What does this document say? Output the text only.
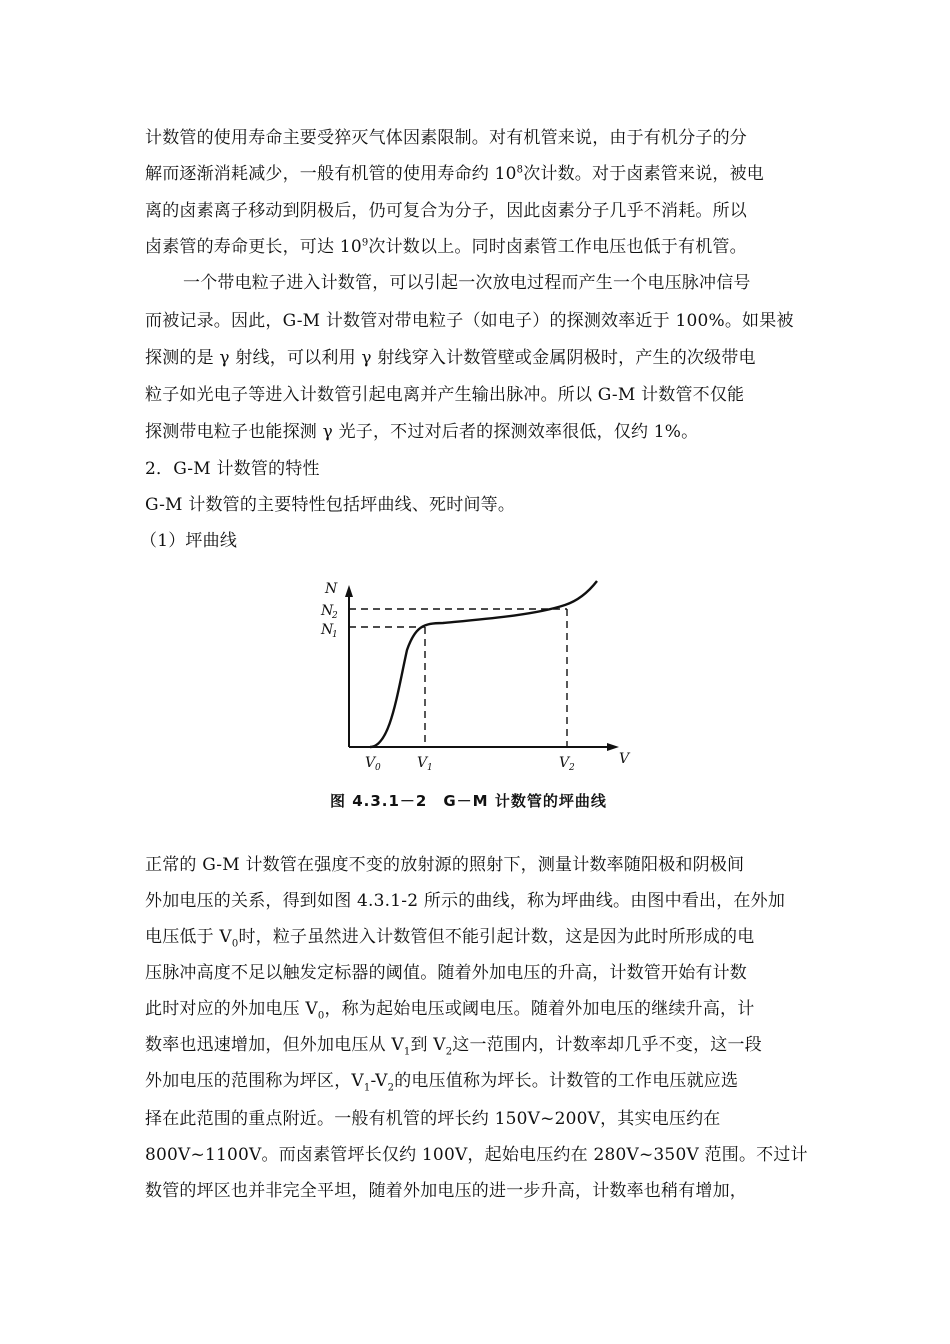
计数管的使用寿命主要受猝灭气体因素限制。对有机管来说，由于有机分子的分
解而逐渐消耗减少，一般有机管的使用寿命约 $10^8$次计数。对于卤素管来说，被电
离的卤素离子移动到阴极后，仍可复合为分子，因此卤素分子几乎不消耗。所以
卤素管的寿命更长，可达 $10^9$次计数以上。同时卤素管工作电压也低于有机管。
一个带电粒子进入计数管，可以引起一次放电过程而产生一个电压脉冲信号
而被记录。因此，G-M 计数管对带电粒子（如电子）的探测效率近于 100%。如果被
探测的是 γ 射线，可以利用 γ 射线穿入计数管壁或金属阴极时，产生的次级带电
粒子如光电子等进入计数管引起电离并产生输出脉冲。所以 G-M 计数管不仅能
探测带电粒子也能探测 γ 光子，不过对后者的探测效率很低，仅约 1%。
2．G-M 计数管的特性
G-M 计数管的主要特性包括坪曲线、死时间等。
（1）坪曲线
N
N
2
N
1
V 0	V 1	V 2
V
图 4.3.1－2　G－M 计数管的坪曲线
正常的 G-M 计数管在强度不变的放射源的照射下，测量计数率随阳极和阴极间
外加电压的关系，得到如图 4.3.1-2 所示的曲线，称为坪曲线。由图中看出，在外加
电压低于 $V_0$时，粒子虽然进入计数管但不能引起计数，这是因为此时所形成的电
压脉冲高度不足以触发定标器的阈值。随着外加电压的升高，计数管开始有计数
此时对应的外加电压 $V_0$，称为起始电压或阈电压。随着外加电压的继续升高，计
数率也迅速增加，但外加电压从 $V_1$到 $V_2$这一范围内，计数率却几乎不变，这一段
外加电压的范围称为坪区，$V_1-V_2$的电压值称为坪长。计数管的工作电压就应选
择在此范围的重点附近。一般有机管的坪长约 150V~200V，其实电压约在
800V~1100V。而卤素管坪长仅约 100V，起始电压约在 280V~350V 范围。不过计
数管的坪区也并非完全平坦，随着外加电压的进一步升高，计数率也稍有增加，
